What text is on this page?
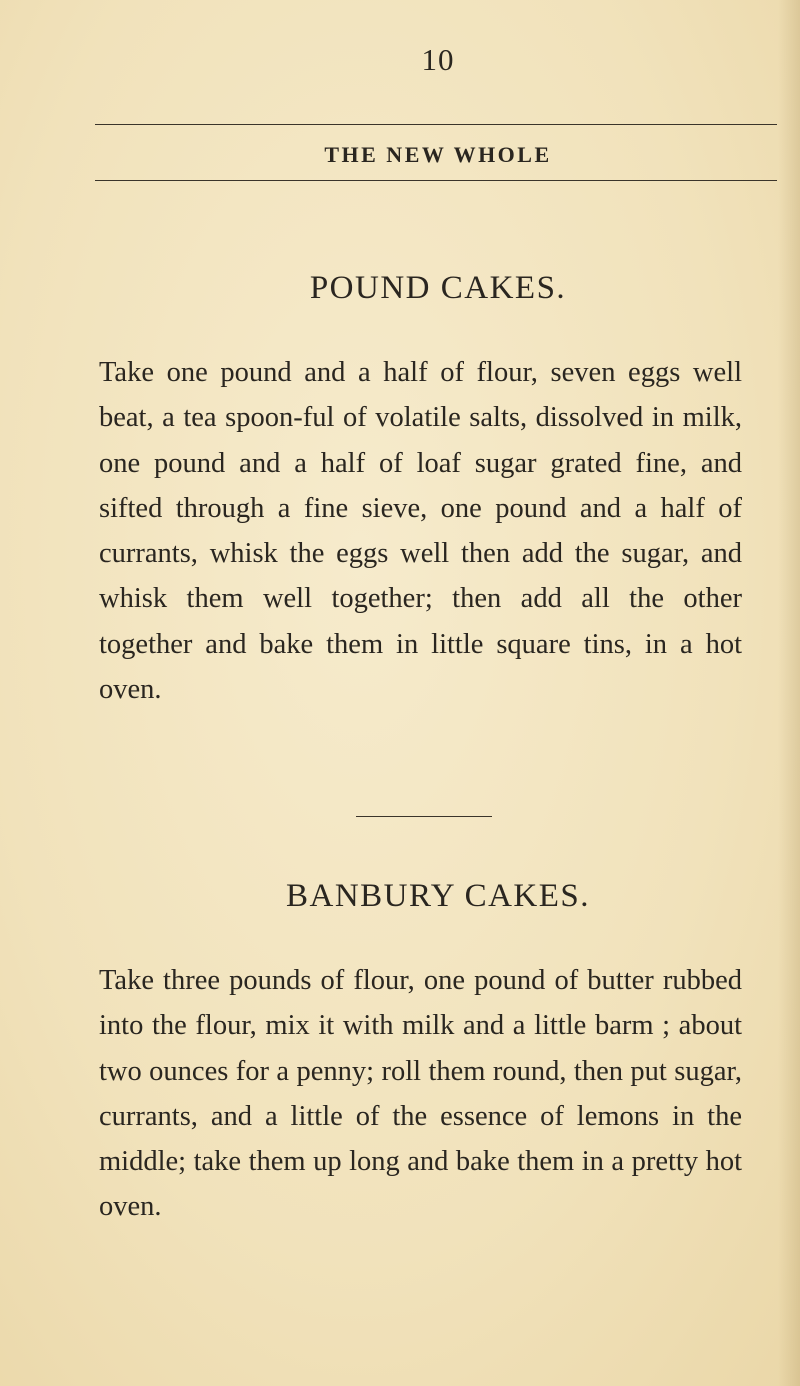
10
THE NEW WHOLE
POUND CAKES.
Take one pound and a half of flour, seven eggs well beat, a tea spoon-ful of volatile salts, dissolved in milk, one pound and a half of loaf sugar grated fine, and sifted through a fine sieve, one pound and a half of currants, whisk the eggs well then add the sugar, and whisk them well together; then add all the other together and bake them in little square tins, in a hot oven.
BANBURY CAKES.
Take three pounds of flour, one pound of butter rubbed into the flour, mix it with milk and a little barm ; about two ounces for a penny; roll them round, then put sugar, currants, and a little of the essence of lemons in the middle; take them up long and bake them in a pretty hot oven.
